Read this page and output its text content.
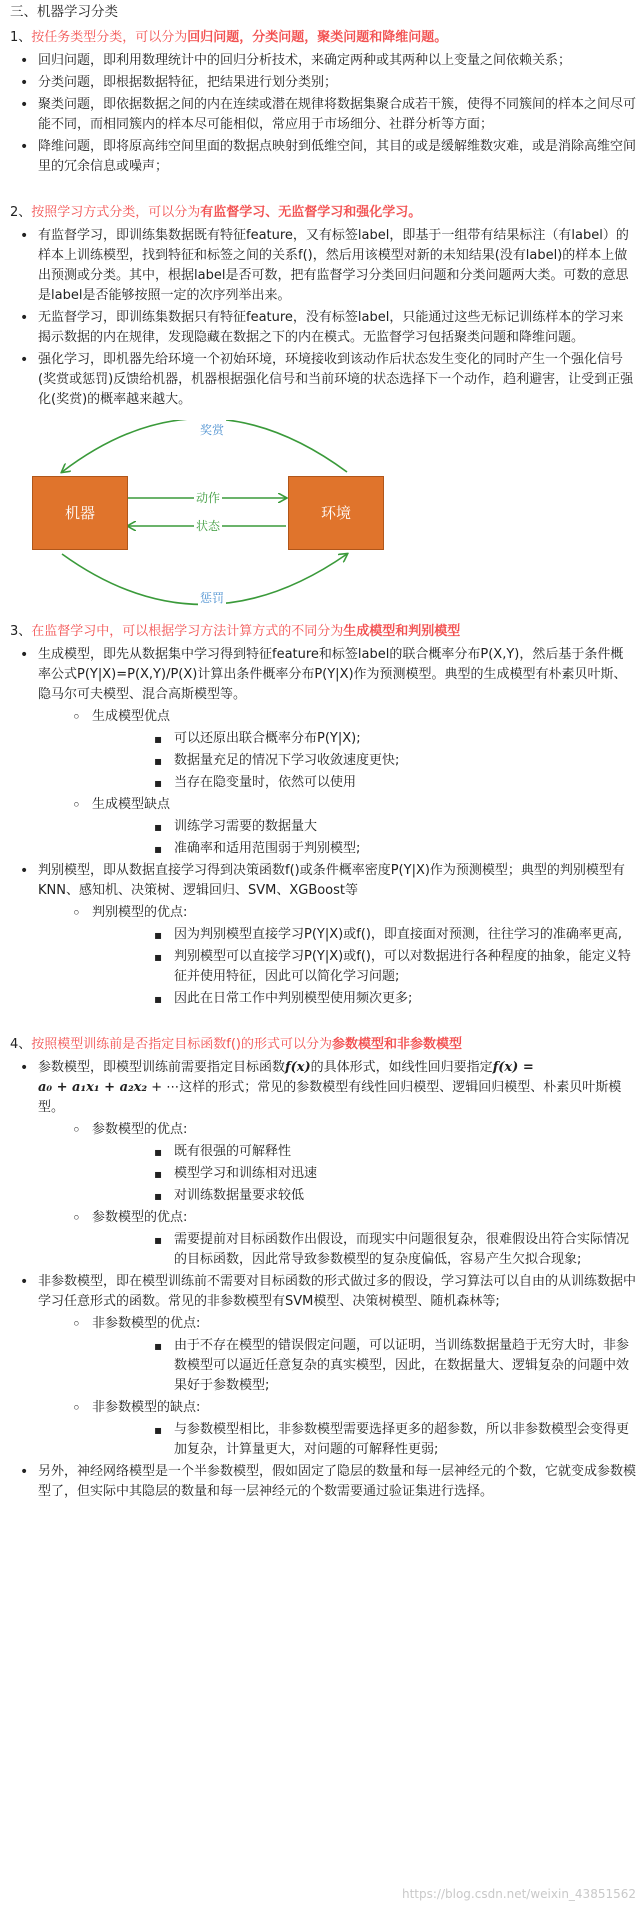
三、机器学习分类
1、按任务类型分类，可以分为回归问题，分类问题，聚类问题和降维问题。
• 回归问题，即利用数理统计中的回归分析技术，来确定两种或其两种以上变量之间依赖关系；
• 分类问题，即根据数据特征，把结果进行划分类别；
• 聚类问题，即依据数据之间的内在连续或潜在规律将数据集聚合成若干簇，使得不同簇间的样本之间尽可能不同，而相同簇内的样本尽可能相似，常应用于市场细分、社群分析等方面；
• 降维问题，即将原高纬空间里面的数据点映射到低维空间，其目的或是缓解维数灾难，或是消除高维空间里的冗余信息或噪声；
2、按照学习方式分类，可以分为有监督学习、无监督学习和强化学习。
• 有监督学习，即训练集数据既有特征feature，又有标签label，即基于一组带有结果标注（有label）的样本上训练模型，找到特征和标签之间的关系f()，然后用该模型对新的未知结果(没有label)的样本上做出预测或分类。其中，根据label是否可数，把有监督学习分类回归问题和分类问题两大类。可数的意思是label是否能够按照一定的次序列举出来。
• 无监督学习，即训练集数据只有特征feature，没有标签label，只能通过这些无标记训练样本的学习来揭示数据的内在规律，发现隐藏在数据之下的内在模式。无监督学习包括聚类问题和降维问题。
• 强化学习，即机器先给环境一个初始环境，环境接收到该动作后状态发生变化的同时产生一个强化信号(奖赏或惩罚)反馈给机器，机器根据强化信号和当前环境的状态选择下一个动作，趋利避害，让受到正强化(奖赏)的概率越来越大。
机器	环境
奖赏
动作
状态
惩罚
3、在监督学习中，可以根据学习方法计算方式的不同分为生成模型和判别模型
• 生成模型，即先从数据集中学习得到特征feature和标签label的联合概率分布P(X,Y)，然后基于条件概率公式P(Y|X)=P(X,Y)/P(X)计算出条件概率分布P(Y|X)作为预测模型。典型的生成模型有朴素贝叶斯、隐马尔可夫模型、混合高斯模型等。
◦ 生成模型优点
▪ 可以还原出联合概率分布P(Y|X);
▪ 数据量充足的情况下学习收敛速度更快;
▪ 当存在隐变量时，依然可以使用
◦ 生成模型缺点
▪ 训练学习需要的数据量大
▪ 准确率和适用范围弱于判别模型;
• 判别模型，即从数据直接学习得到决策函数f()或条件概率密度P(Y|X)作为预测模型；典型的判别模型有KNN、感知机、决策树、逻辑回归、SVM、XGBoost等
◦ 判别模型的优点:
▪ 因为判别模型直接学习P(Y|X)或f()，即直接面对预测，往往学习的准确率更高,
▪ 判别模型可以直接学习P(Y|X)或f()，可以对数据进行各种程度的抽象，能定义特征并使用特征，因此可以简化学习问题;
▪ 因此在日常工作中判别模型使用频次更多;
4、按照模型训练前是否指定目标函数f()的形式可以分为参数模型和非参数模型
• 参数模型，即模型训练前需要指定目标函数f(x)的具体形式，如线性回归要指定f(x) =
a₀ + a₁x₁ + a₂x₂ + ⋯这样的形式；常见的参数模型有线性回归模型、逻辑回归模型、朴素贝叶斯模型。
◦ 参数模型的优点:
▪ 既有很强的可解释性
▪ 模型学习和训练相对迅速
▪ 对训练数据量要求较低
◦ 参数模型的优点:
▪ 需要提前对目标函数作出假设，而现实中问题很复杂，很难假设出符合实际情况的目标函数，因此常导致参数模型的复杂度偏低，容易产生欠拟合现象;
• 非参数模型，即在模型训练前不需要对目标函数的形式做过多的假设，学习算法可以自由的从训练数据中学习任意形式的函数。常见的非参数模型有SVM模型、决策树模型、随机森林等;
◦ 非参数模型的优点:
▪ 由于不存在模型的错误假定问题，可以证明，当训练数据量趋于无穷大时，非参数模型可以逼近任意复杂的真实模型，因此，在数据量大、逻辑复杂的问题中效果好于参数模型;
◦ 非参数模型的缺点:
▪ 与参数模型相比，非参数模型需要选择更多的超参数，所以非参数模型会变得更加复杂，计算量更大，对问题的可解释性更弱;
• 另外，神经网络模型是一个半参数模型，假如固定了隐层的数量和每一层神经元的个数，它就变成参数模型了，但实际中其隐层的数量和每一层神经元的个数需要通过验证集进行选择。
https://blog.csdn.net/weixin_43851562
